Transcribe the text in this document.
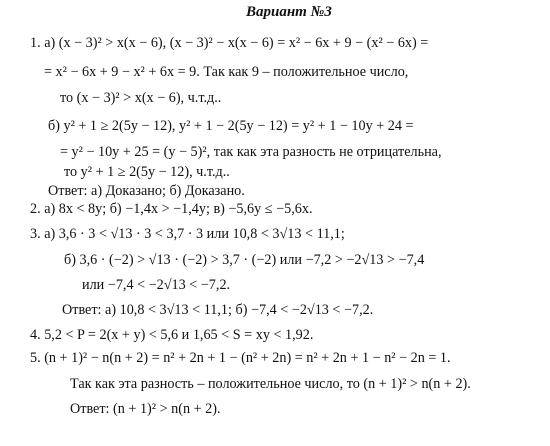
Вариант №3
1. а) (x − 3)² > x(x − 6), (x − 3)² − x(x − 6) = x² − 6x + 9 − (x² − 6x) =
= x² − 6x + 9 − x² + 6x = 9. Так как 9 – положительное число,
то (x − 3)² > x(x − 6), ч.т.д..
б) y² + 1 ≥ 2(5y − 12), y² + 1 − 2(5y − 12) = y² + 1 − 10y + 24 =
= y² − 10y + 25 = (y − 5)², так как эта разность не отрицательна,
то y² + 1 ≥ 2(5y − 12), ч.т.д..
Ответ: а) Доказано; б) Доказано.
2. а) 8x < 8y; б) −1,4x > −1,4y; в) −5,6y ≤ −5,6x.
3. а) 3,6 · 3 < √13 · 3 < 3,7 · 3 или 10,8 < 3√13 < 11,1;
б) 3,6 · (−2) > √13 · (−2) > 3,7 · (−2) или −7,2 > −2√13 > −7,4
или −7,4 < −2√13 < −7,2.
Ответ: а) 10,8 < 3√13 < 11,1; б) −7,4 < −2√13 < −7,2.
4. 5,2 < P = 2(x + y) < 5,6 и 1,65 < S = xy < 1,92.
5. (n + 1)² − n(n + 2) = n² + 2n + 1 − (n² + 2n) = n² + 2n + 1 − n² − 2n = 1.
Так как эта разность – положительное число, то (n + 1)² > n(n + 2).
Ответ: (n + 1)² > n(n + 2).
